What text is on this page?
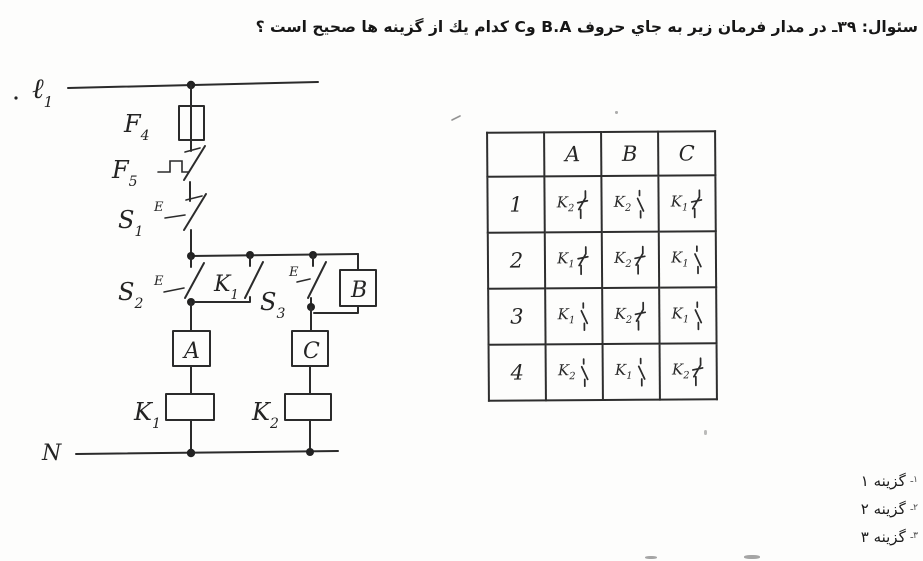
سئوال: ۳۹ـ در مدار فرمان زير به جاي حروف B.A وC كدام يك از گزينه ها صحيح است ؟
ℓ$_1$
$F_4$
$F_5$
$S_1$
E
$S_2$
E $K_1$ $S_3$
E
B
A	C
$K_1$	$K_2$
N
	A	B	C
1	$K_2$	$K_2$	$K_1$

2	$K_1$	$K_2$	$K_1$

3	$K_1$	$K_2$	$K_1$

4	$K_2$	$K_1$	$K_2$
$^{۱ـ}$ گزينه ۱
$^{۲ـ}$ گزينه ۲
$^{۳ـ}$ گزينه ۳
